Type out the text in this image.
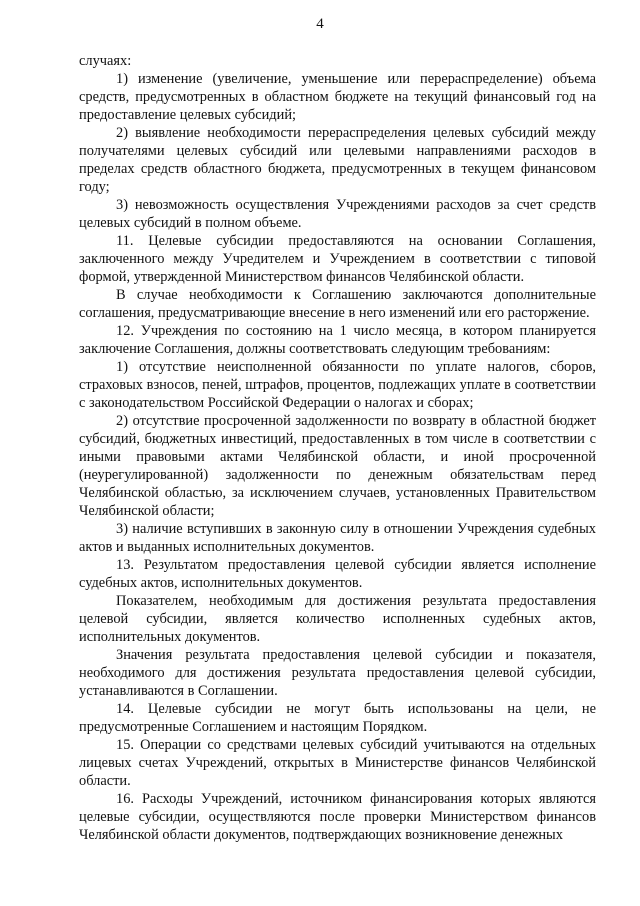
4

случаях:

1) изменение (увеличение, уменьшение или перераспределение) объема средств, предусмотренных в областном бюджете на текущий финансовый год на предоставление целевых субсидий;

2) выявление необходимости перераспределения целевых субсидий между получателями целевых субсидий или целевыми направлениями расходов в пределах средств областного бюджета, предусмотренных в текущем финансовом году;

3) невозможность осуществления Учреждениями расходов за счет средств целевых субсидий в полном объеме.

11. Целевые субсидии предоставляются на основании Соглашения, заключенного между Учредителем и Учреждением в соответствии с типовой формой, утвержденной Министерством финансов Челябинской области.

В случае необходимости к Соглашению заключаются дополнительные соглашения, предусматривающие внесение в него изменений или его расторжение.

12. Учреждения по состоянию на 1 число месяца, в котором планируется заключение Соглашения, должны соответствовать следующим требованиям:

1) отсутствие неисполненной обязанности по уплате налогов, сборов, страховых взносов, пеней, штрафов, процентов, подлежащих уплате в соответствии с законодательством Российской Федерации о налогах и сборах;

2) отсутствие просроченной задолженности по возврату в областной бюджет субсидий, бюджетных инвестиций, предоставленных в том числе в соответствии с иными правовыми актами Челябинской области, и иной просроченной (неурегулированной) задолженности по денежным обязательствам перед Челябинской областью, за исключением случаев, установленных Правительством Челябинской области;

3) наличие вступивших в законную силу в отношении Учреждения судебных актов и выданных исполнительных документов.

13. Результатом предоставления целевой субсидии является исполнение судебных актов, исполнительных документов.

Показателем, необходимым для достижения результата предоставления целевой субсидии, является количество исполненных судебных актов, исполнительных документов.

Значения результата предоставления целевой субсидии и показателя, необходимого для достижения результата предоставления целевой субсидии, устанавливаются в Соглашении.

14. Целевые субсидии не могут быть использованы на цели, не предусмотренные Соглашением и настоящим Порядком.

15. Операции со средствами целевых субсидий учитываются на отдельных лицевых счетах Учреждений, открытых в Министерстве финансов Челябинской области.

16. Расходы Учреждений, источником финансирования которых являются целевые субсидии, осуществляются после проверки Министерством финансов Челябинской области документов, подтверждающих возникновение денежных
